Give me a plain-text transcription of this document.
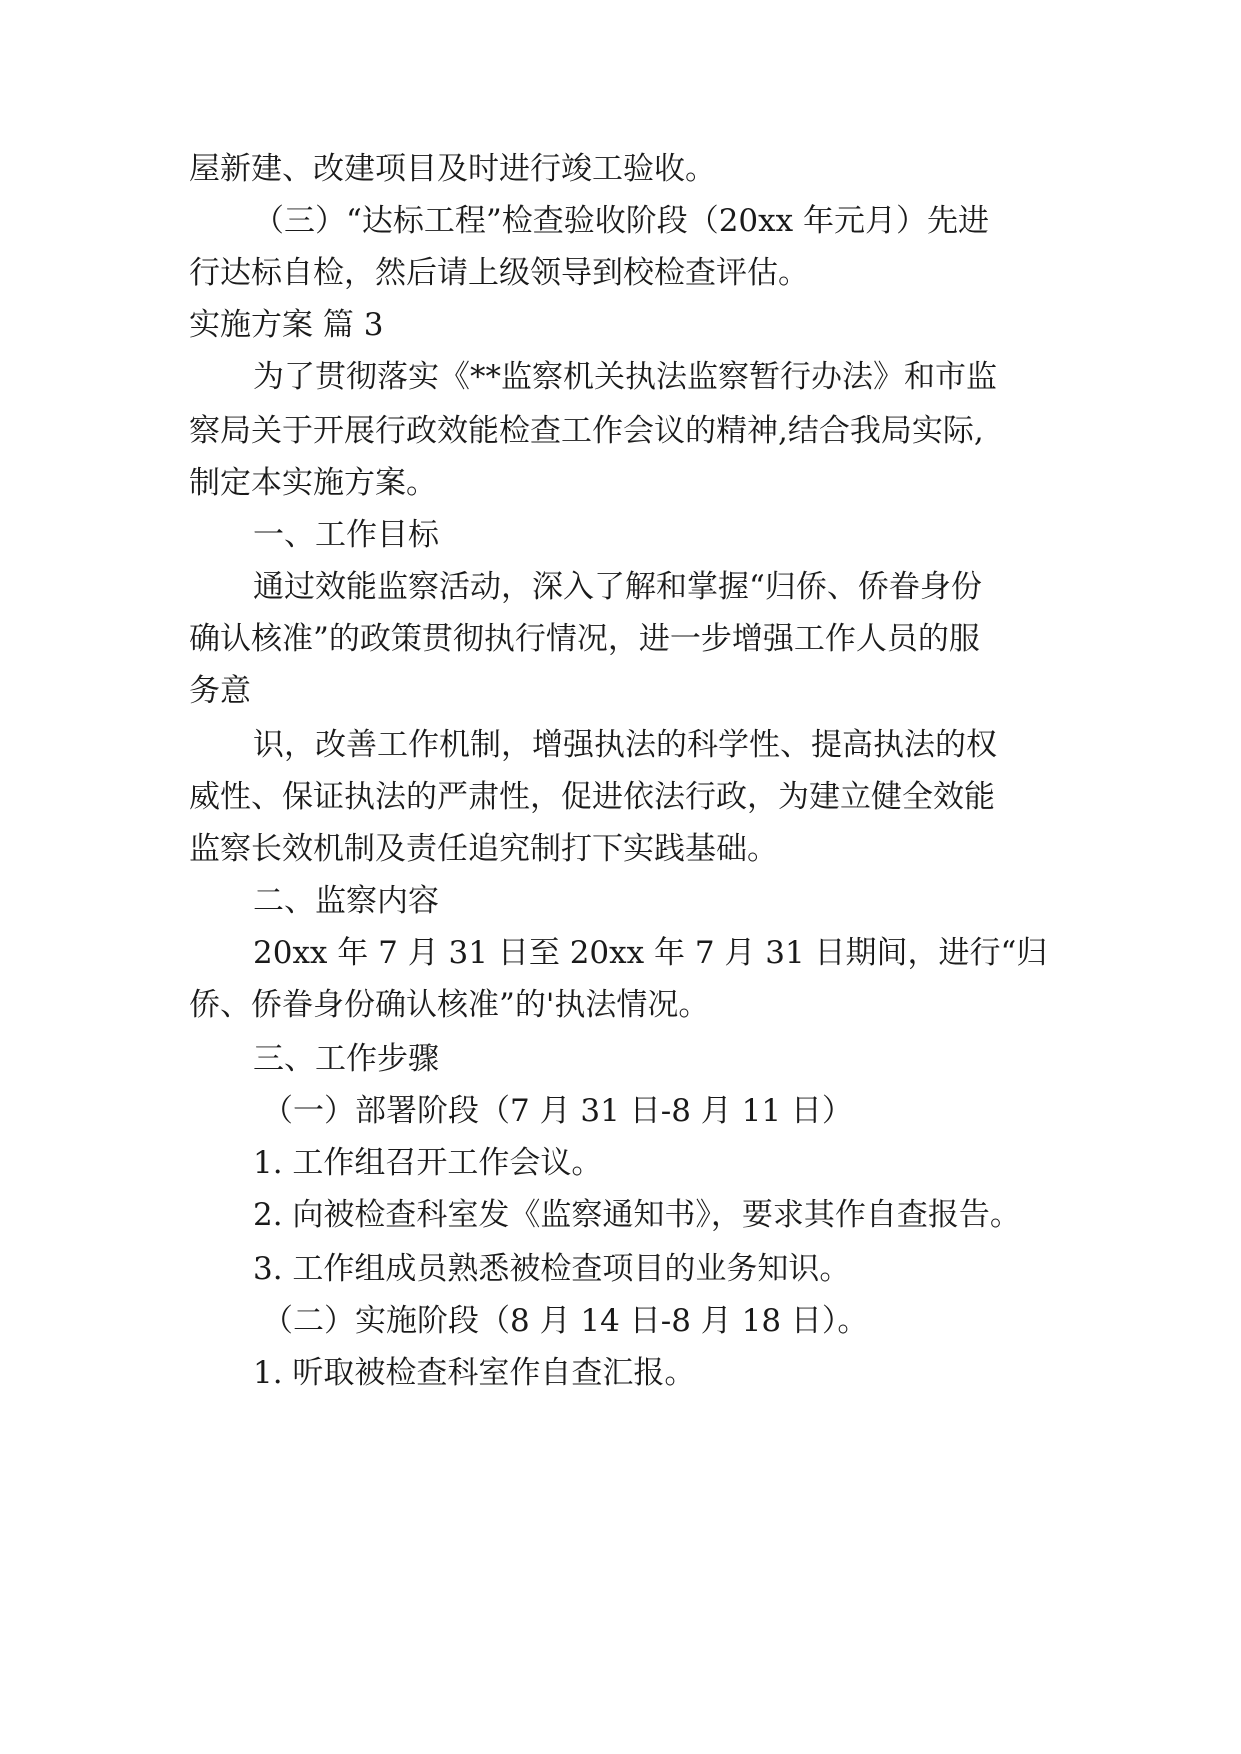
屋新建、改建项目及时进行竣工验收。
（三）“达标工程”检查验收阶段（20xx 年元月）先进
行达标自检，然后请上级领导到校检查评估。
实施方案 篇 3
为了贯彻落实《**监察机关执法监察暂行办法》和市监
察局关于开展行政效能检查工作会议的精神,结合我局实际,
制定本实施方案。
一、工作目标
通过效能监察活动，深入了解和掌握“归侨、侨眷身份
确认核准”的政策贯彻执行情况，进一步增强工作人员的服
务意
识，改善工作机制，增强执法的科学性、提高执法的权
威性、保证执法的严肃性，促进依法行政，为建立健全效能
监察长效机制及责任追究制打下实践基础。
二、监察内容
20xx 年 7 月 31 日至 20xx 年 7 月 31 日期间，进行“归
侨、侨眷身份确认核准”的'执法情况。
三、工作步骤
（一）部署阶段（7 月 31 日-8 月 11 日）
1. 工作组召开工作会议。
2. 向被检查科室发《监察通知书》，要求其作自查报告。
3. 工作组成员熟悉被检查项目的业务知识。
（二）实施阶段（8 月 14 日-8 月 18 日）。
1. 听取被检查科室作自查汇报。
